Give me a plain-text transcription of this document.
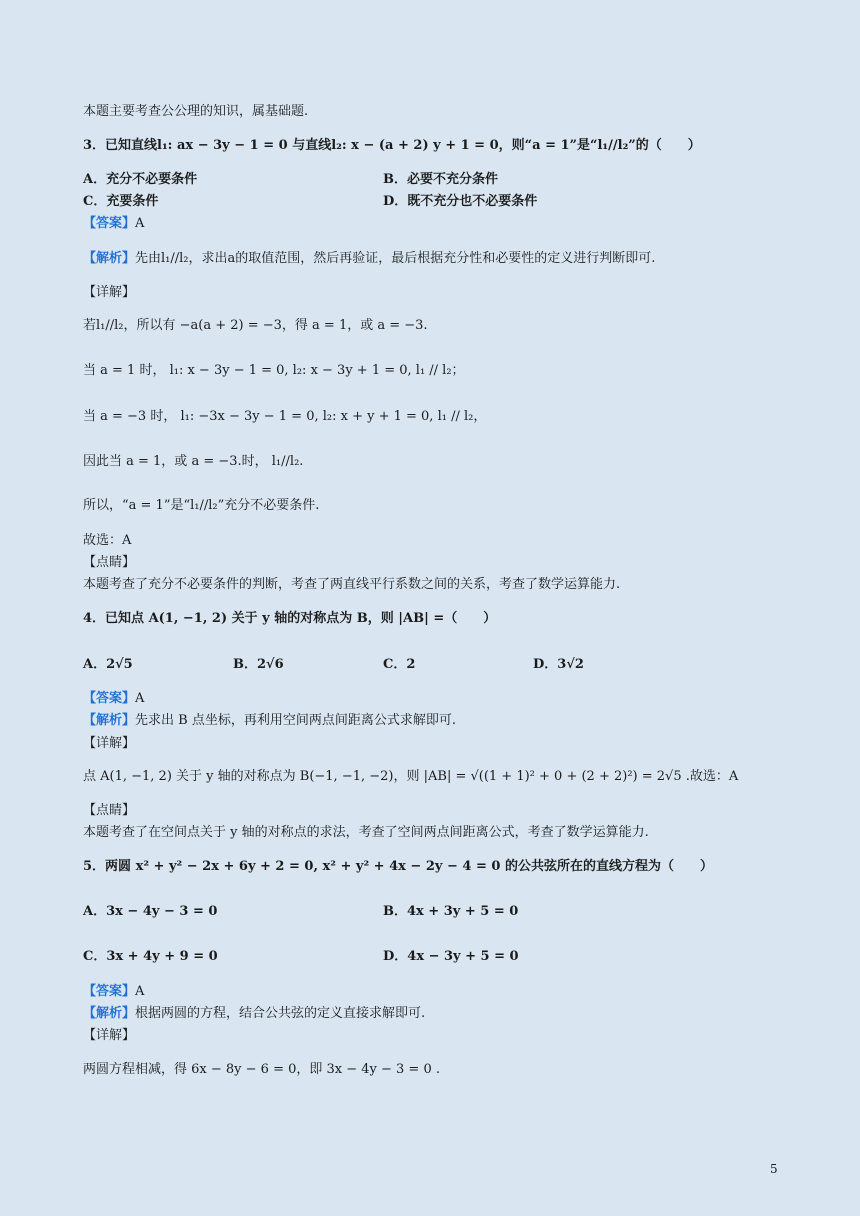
本题主要考查公公理的知识，属基础题.
3．已知直线l₁: ax − 3y − 1 = 0 与直线l₂: x − (a + 2) y + 1 = 0，则“a = 1”是“l₁//l₂”的（　　）
A．充分不必要条件	B．必要不充分条件
C．充要条件	D．既不充分也不必要条件
【答案】A
【解析】先由l₁//l₂，求出a的取值范围，然后再验证，最后根据充分性和必要性的定义进行判断即可.
【详解】
若l₁//l₂，所以有 −a(a + 2) = −3，得 a = 1，或 a = −3.
当 a = 1 时， l₁: x − 3y − 1 = 0, l₂: x − 3y + 1 = 0, l₁ // l₂；
当 a = −3 时， l₁: −3x − 3y − 1 = 0, l₂: x + y + 1 = 0, l₁ // l₂，
因此当 a = 1，或 a = −3.时， l₁//l₂.
所以，“a = 1”是“l₁//l₂”充分不必要条件.
故选：A
【点睛】
本题考查了充分不必要条件的判断，考查了两直线平行系数之间的关系，考查了数学运算能力.
4．已知点 A(1, −1, 2) 关于 y 轴的对称点为 B，则 |AB| =（　　）
A．2√5	B．2√6	C．2	D．3√2
【答案】A
【解析】先求出 B 点坐标，再利用空间两点间距离公式求解即可.
【详解】
点 A(1, −1, 2) 关于 y 轴的对称点为 B(−1, −1, −2)，则 |AB| = √((1 + 1)² + 0 + (2 + 2)²) = 2√5 .故选：A
【点睛】
本题考查了在空间点关于 y 轴的对称点的求法，考查了空间两点间距离公式，考查了数学运算能力.
5．两圆 x² + y² − 2x + 6y + 2 = 0, x² + y² + 4x − 2y − 4 = 0 的公共弦所在的直线方程为（　　）
A．3x − 4y − 3 = 0	B．4x + 3y + 5 = 0
C．3x + 4y + 9 = 0	D．4x − 3y + 5 = 0
【答案】A
【解析】根据两圆的方程，结合公共弦的定义直接求解即可.
【详解】
两圆方程相减，得 6x − 8y − 6 = 0，即 3x − 4y − 3 = 0 .
5
